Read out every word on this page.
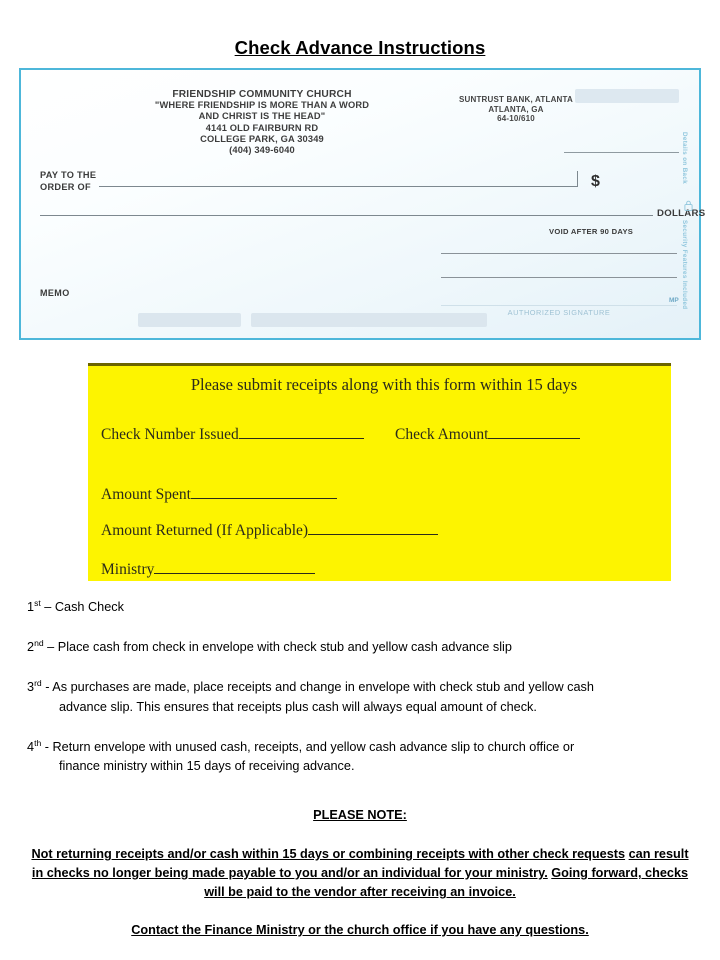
Check Advance Instructions
FRIENDSHIP COMMUNITY CHURCH
"WHERE FRIENDSHIP IS MORE THAN A WORD
AND CHRIST IS THE HEAD"
4141 OLD FAIRBURN RD
COLLEGE PARK, GA 30349
(404) 349-6040
SUNTRUST BANK, ATLANTA
ATLANTA, GA
64-10/610
PAY TO THE
ORDER OF	$
DOLLARS
VOID AFTER 90 DAYS
MEMO
AUTHORIZED SIGNATURE
MP
Details on Back
Security Features Included
Please submit receipts along with this form within 15 days
Check Number Issued	Check Amount
Amount Spent
Amount Returned (If Applicable)
Ministry
1st – Cash Check
2nd – Place cash from check in envelope with check stub and yellow cash advance slip
3rd - As purchases are made, place receipts and change in envelope with check stub and yellow cash
advance slip. This ensures that receipts plus cash will always equal amount of check.
4th - Return envelope with unused cash, receipts, and yellow cash advance slip to church office or
finance ministry within 15 days of receiving advance.
PLEASE NOTE:
Not returning receipts and/or cash within 15 days or combining receipts with other check requests can result in checks no longer being made payable to you and/or an individual for your ministry. Going forward, checks will be paid to the vendor after receiving an invoice.
Contact the Finance Ministry or the church office if you have any questions.
